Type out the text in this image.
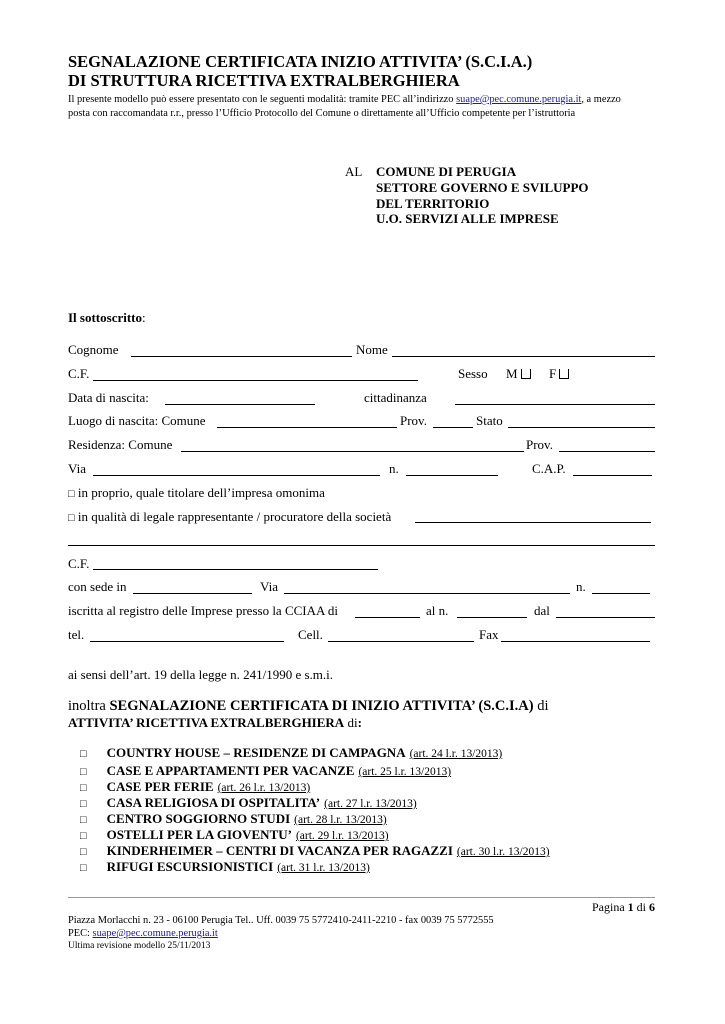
SEGNALAZIONE CERTIFICATA INIZIO ATTIVITA’ (S.C.I.A.)
DI STRUTTURA RICETTIVA EXTRALBERGHIERA
Il presente modello può essere presentato con le seguenti modalità: tramite PEC all’indirizzo suape@pec.comune.perugia.it, a mezzo
posta con raccomandata r.r., presso l’Ufficio Protocollo del Comune o direttamente all’Ufficio competente per l’istruttoria
AL COMUNE DI PERUGIA
SETTORE GOVERNO E SVILUPPO
DEL TERRITORIO
U.O. SERVIZI ALLE IMPRESE
Il sottoscritto:
Cognome	Nome
C.F.	Sesso M	F
Data di nascita:	cittadinanza
Luogo di nascita: Comune	Prov.	Stato
Residenza: Comune	Prov.
Via	n.	C.A.P.
□ in proprio, quale titolare dell’impresa omonima
□ in qualità di legale rappresentante / procuratore della società
C.F.
con sede in	Via	n.
iscritta al registro delle Imprese presso la CCIAA di	al n.	dal
tel.	Cell.	Fax
ai sensi dell’art. 19 della legge n. 241/1990 e s.m.i.
inoltra SEGNALAZIONE CERTIFICATA DI INIZIO ATTIVITA’ (S.C.I.A) di
ATTIVITA’ RICETTIVA EXTRALBERGHIERA di:
□ COUNTRY HOUSE – RESIDENZE DI CAMPAGNA (art. 24 l.r. 13/2013)
□ CASE E APPARTAMENTI PER VACANZE (art. 25 l.r. 13/2013)
□ CASE PER FERIE (art. 26 l.r. 13/2013)
□ CASA RELIGIOSA DI OSPITALITA’ (art. 27 l.r. 13/2013)
□ CENTRO SOGGIORNO STUDI (art. 28 l.r. 13/2013)
□ OSTELLI PER LA GIOVENTU’ (art. 29 l.r. 13/2013)
□ KINDERHEIMER – CENTRI DI VACANZA PER RAGAZZI (art. 30 l.r. 13/2013)
□ RIFUGI ESCURSIONISTICI (art. 31 l.r. 13/2013)
Pagina 1 di 6
Piazza Morlacchi n. 23 - 06100 Perugia Tel.. Uff. 0039 75 5772410-2411-2210 - fax 0039 75 5772555
PEC: suape@pec.comune.perugia.it
Ultima revisione modello 25/11/2013
